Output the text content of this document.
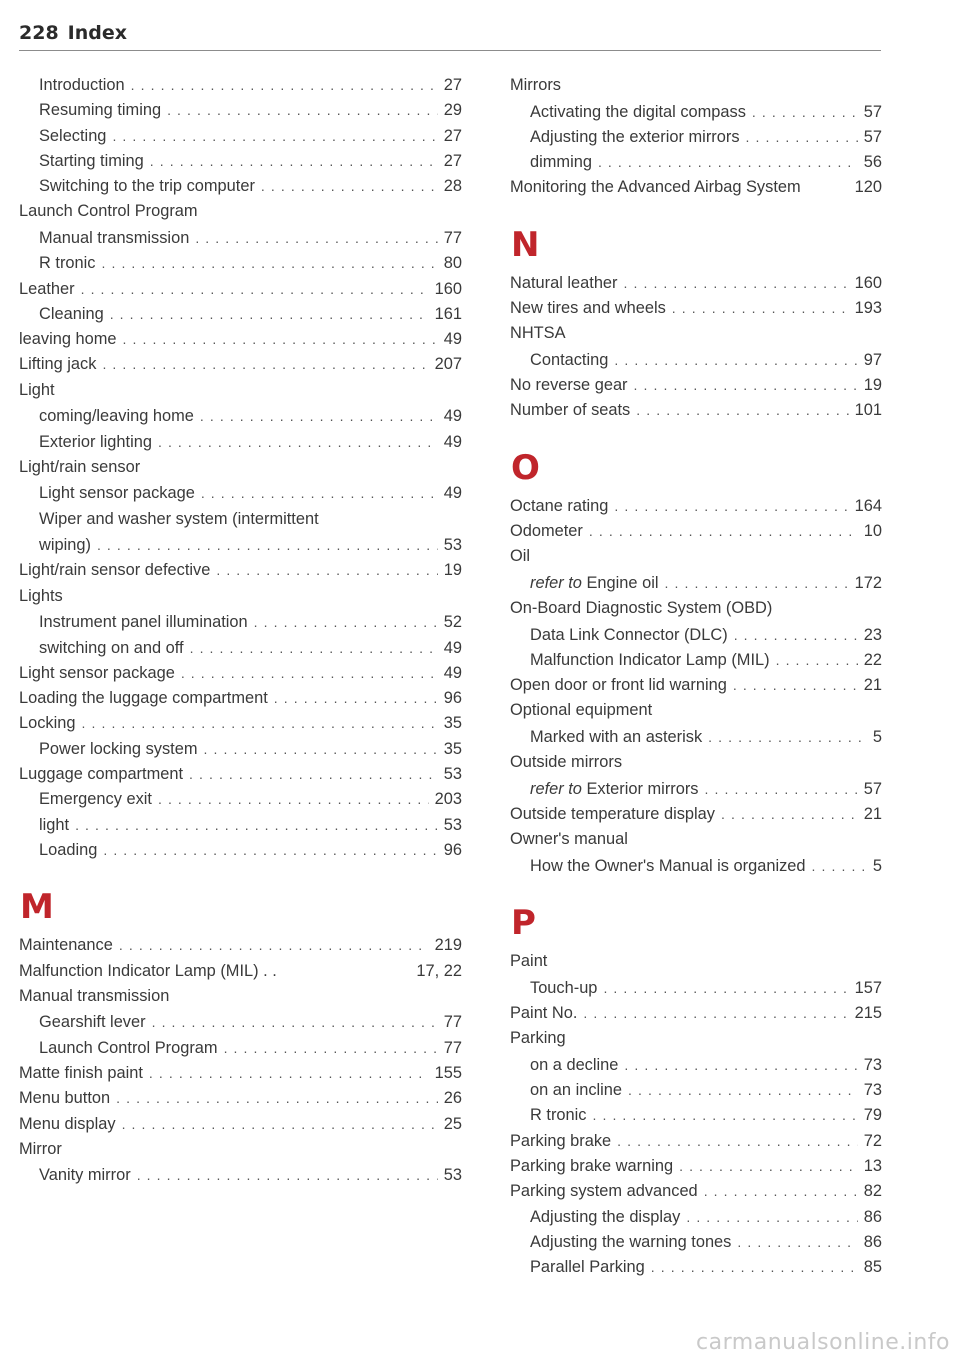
228 Index
Introduction . . .	27
Resuming timing . . .	29
Selecting . . .	27
Starting timing . . .	27
Switching to the trip computer . . .	28
Launch Control Program
Manual transmission . . .	77
R tronic . . .	80
Leather . . .	160
Cleaning . . .	161
leaving home . . .	49
Lifting jack . . .	207
Light
coming/leaving home . . .	49
Exterior lighting . . .	49
Light/rain sensor
Light sensor package . . .	49
Wiper and washer system (intermittent
wiping) . . .	53
Light/rain sensor defective . . .	19
Lights
Instrument panel illumination . . .	52
switching on and off . . .	49
Light sensor package . . .	49
Loading the luggage compartment . . .	96
Locking . . .	35
Power locking system . . .	35
Luggage compartment . . .	53
Emergency exit . . .	203
light . . .	53
Loading . . .	96
M
Maintenance . . .	219
Malfunction Indicator Lamp (MIL) . .	17, 22
Manual transmission
Gearshift lever . . .	77
Launch Control Program . . .	77
Matte finish paint . . .	155
Menu button . . .	26
Menu display . . .	25
Mirror
Vanity mirror . . .	53
Mirrors
Activating the digital compass . . .	57
Adjusting the exterior mirrors . . .	57
dimming . . .	56
Monitoring the Advanced Airbag System	120
N
Natural leather . . .	160
New tires and wheels . . .	193
NHTSA
Contacting . . .	97
No reverse gear . . .	19
Number of seats . . .	101
O
Octane rating . . .	164
Odometer . . .	10
Oil
refer to Engine oil . . .	172
On-Board Diagnostic System (OBD)
Data Link Connector (DLC) . . .	23
Malfunction Indicator Lamp (MIL) . . .	22
Open door or front lid warning . . .	21
Optional equipment
Marked with an asterisk . . .	5
Outside mirrors
refer to Exterior mirrors . . .	57
Outside temperature display . . .	21
Owner's manual
How the Owner's Manual is organized . . .	5
P
Paint
Touch-up . . .	157
Paint No. . . .	215
Parking
on a decline . . .	73
on an incline . . .	73
R tronic . . .	79
Parking brake . . .	72
Parking brake warning . . .	13
Parking system advanced . . .	82
Adjusting the display . . .	86
Adjusting the warning tones . . .	86
Parallel Parking . . .	85
carmanualsonline.info
